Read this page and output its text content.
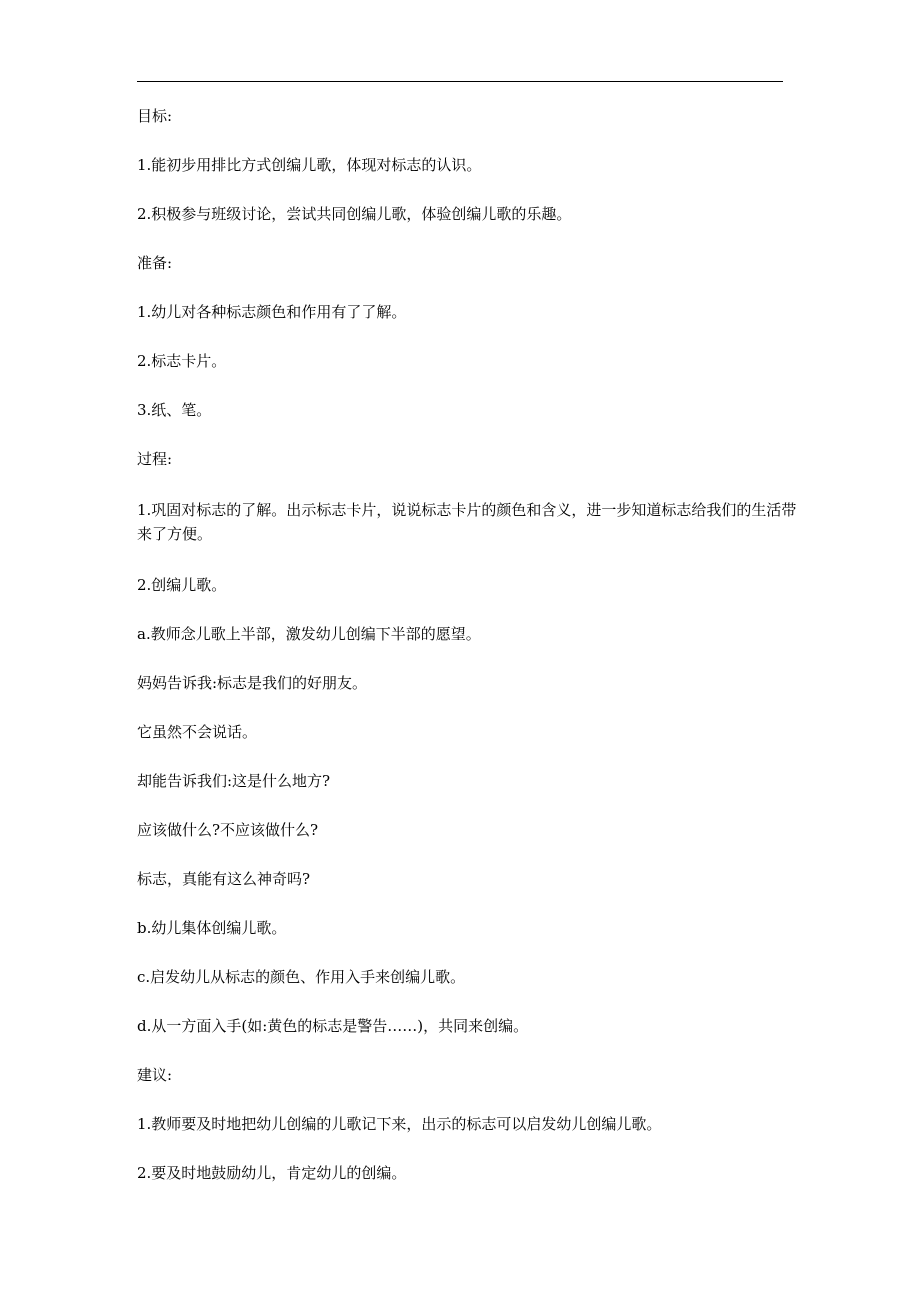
目标:

1.能初步用排比方式创编儿歌，体现对标志的认识。

2.积极参与班级讨论，尝试共同创编儿歌，体验创编儿歌的乐趣。

准备:

1.幼儿对各种标志颜色和作用有了了解。

2.标志卡片。

3.纸、笔。

过程:

1.巩固对标志的了解。出示标志卡片，说说标志卡片的颜色和含义，进一步知道标志给我们的生活带来了方便。

2.创编儿歌。

a.教师念儿歌上半部，激发幼儿创编下半部的愿望。

妈妈告诉我:标志是我们的好朋友。

它虽然不会说话。

却能告诉我们:这是什么地方?

应该做什么?不应该做什么?

标志，真能有这么神奇吗?

b.幼儿集体创编儿歌。

c.启发幼儿从标志的颜色、作用入手来创编儿歌。

d.从一方面入手(如:黄色的标志是警告……)，共同来创编。

建议:

1.教师要及时地把幼儿创编的儿歌记下来，出示的标志可以启发幼儿创编儿歌。

2.要及时地鼓励幼儿，肯定幼儿的创编。
